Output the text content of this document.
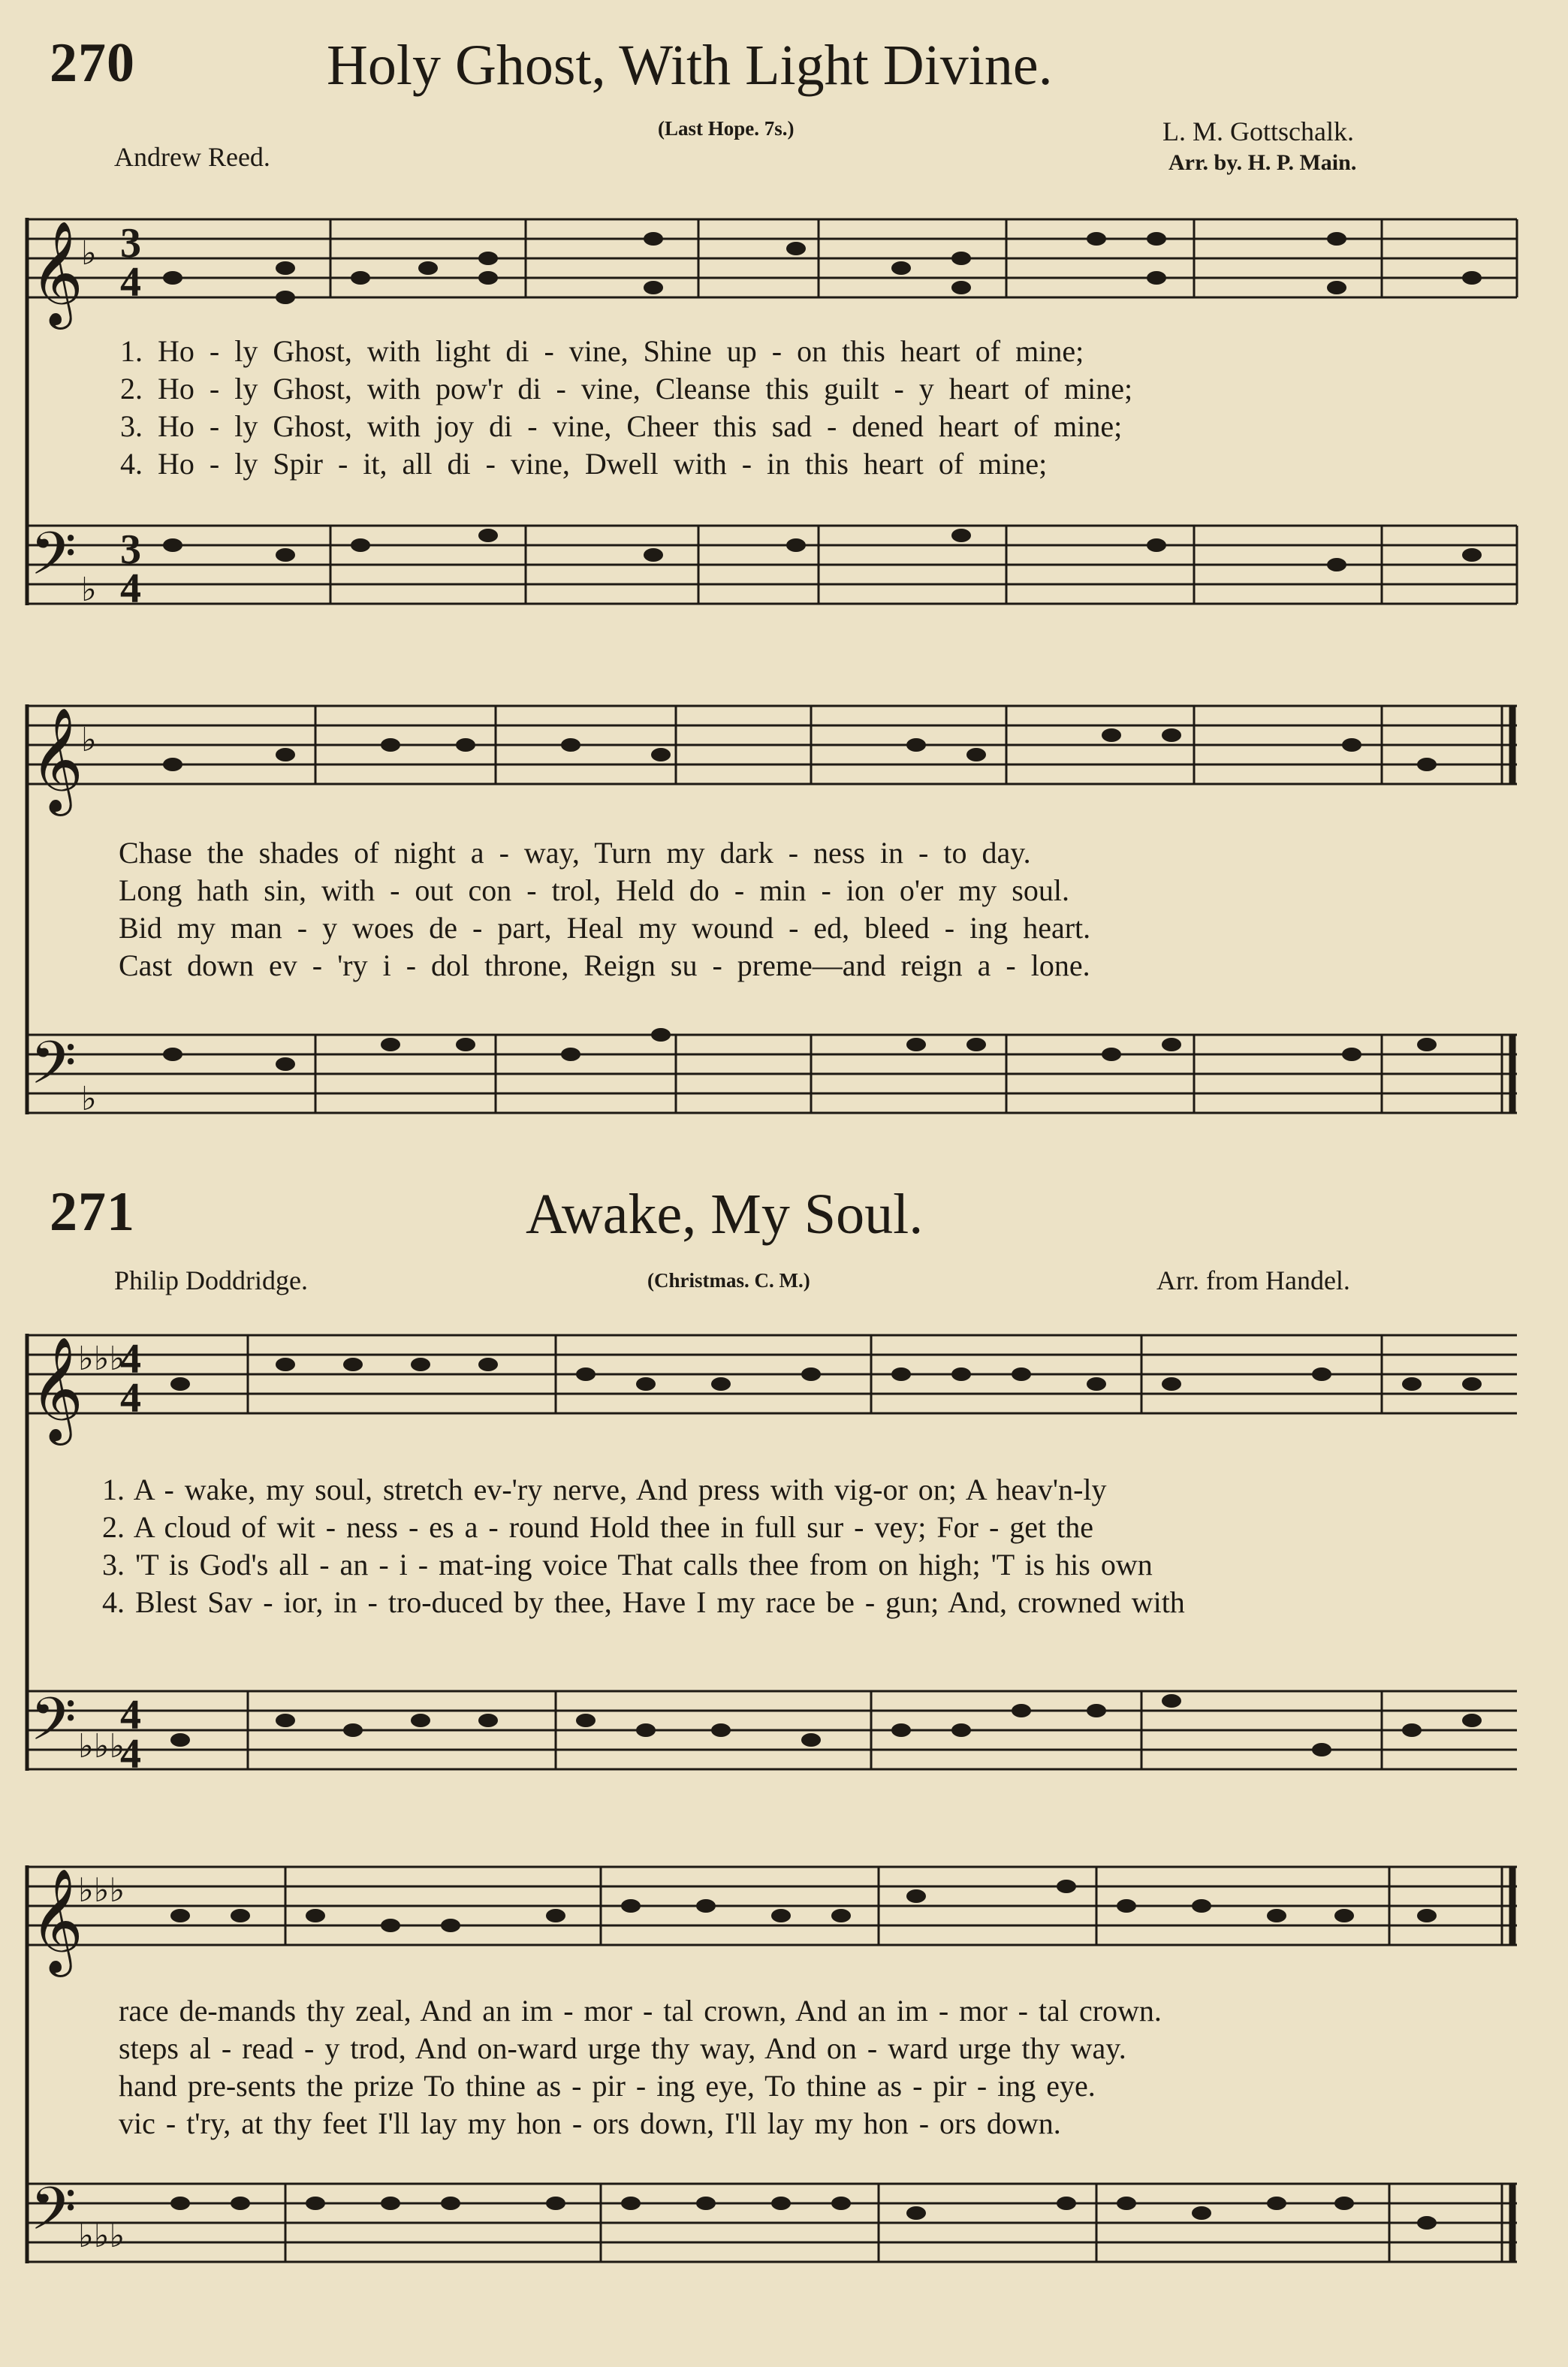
270	Holy Ghost, With Light Divine.
(Last Hope. 7s.)	L. M. Gottschalk.
Andrew Reed.	Arr. by. H. P. Main.
𝄞
𝄢
𝄞
𝄢
𝄞
𝄢
𝄞
𝄢
♭
♭
♭
♭
♭♭♭
♭♭♭
♭♭♭
♭♭♭
3
4
3
4
4
4
4
4
1. Ho - ly Ghost, with light di - vine, Shine up - on this heart of mine;
2. Ho - ly Ghost, with pow'r di - vine, Cleanse this guilt - y heart of mine;
3. Ho - ly Ghost, with joy di - vine, Cheer this sad - dened heart of mine;
4. Ho - ly Spir - it, all di - vine, Dwell with - in this heart of mine;
Chase the shades of night a - way, Turn my dark - ness in - to day.
Long hath sin, with - out con - trol, Held do - min - ion o'er my soul.
Bid my man - y woes de - part, Heal my wound - ed, bleed - ing heart.
Cast down ev - 'ry i - dol throne, Reign su - preme—and reign a - lone.
271	Awake, My Soul.
Philip Doddridge.	(Christmas. C. M.)	Arr. from Handel.
1. A - wake, my soul, stretch ev-'ry nerve, And press with vig-or on; A heav'n-ly
2. A cloud of wit - ness - es a - round Hold thee in full sur - vey; For - get the
3. 'T is God's all - an - i - mat-ing voice That calls thee from on high; 'T is his own
4. Blest Sav - ior, in - tro-duced by thee, Have I my race be - gun; And, crowned with
race de-mands thy zeal, And an im - mor - tal crown, And an im - mor - tal crown.
steps al - read - y trod, And on-ward urge thy way, And on - ward urge thy way.
hand pre-sents the prize To thine as - pir - ing eye, To thine as - pir - ing eye.
vic - t'ry, at thy feet I'll lay my hon - ors down, I'll lay my hon - ors down.
